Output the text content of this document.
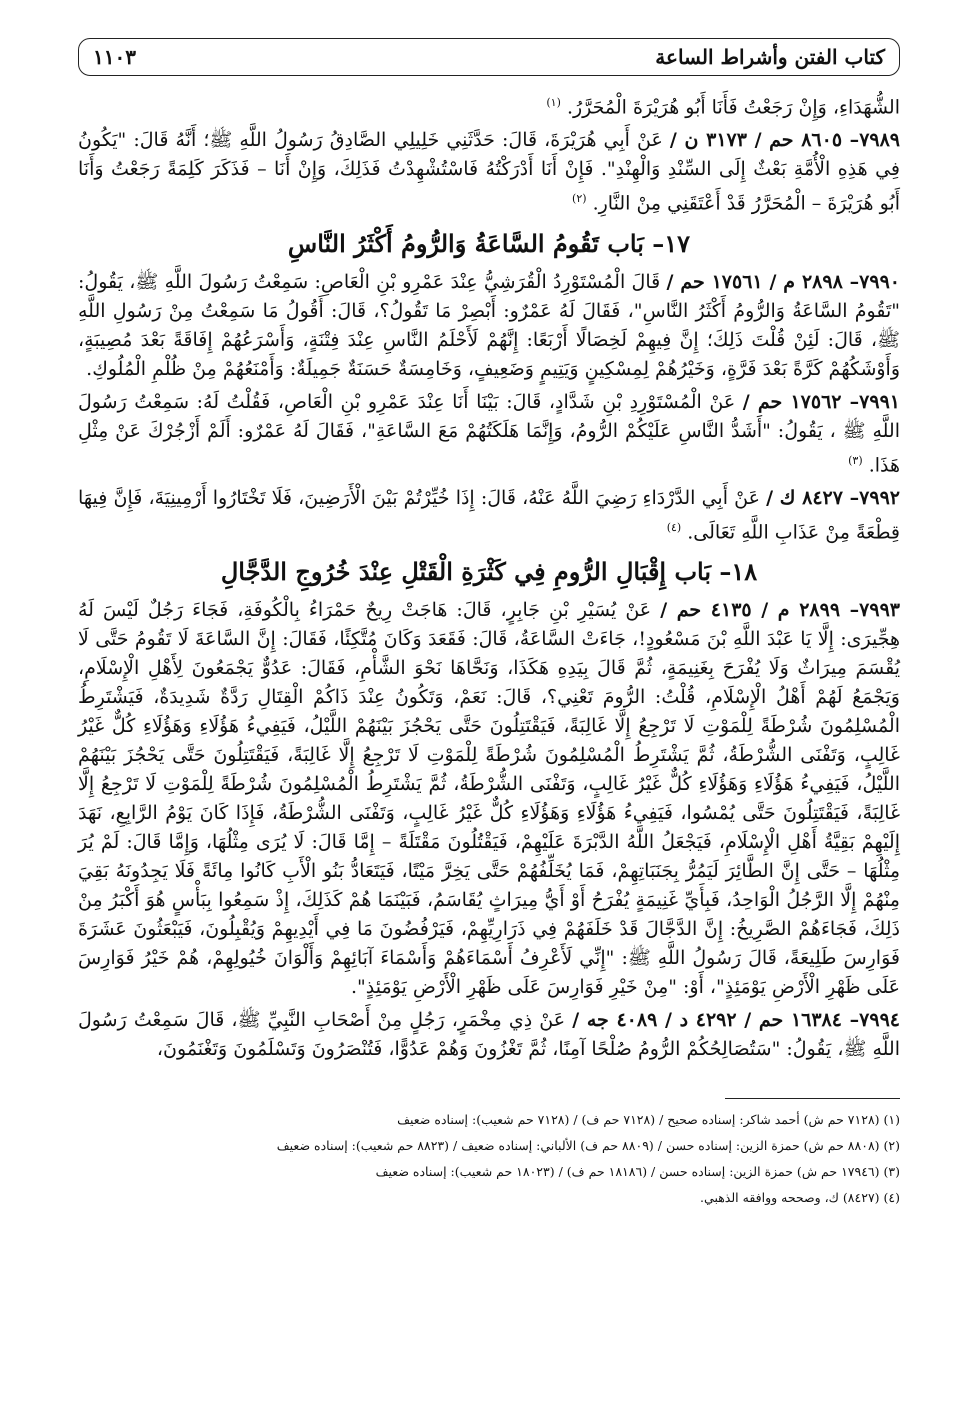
كتاب الفتن وأشراط الساعة
١١٠٣

الشُّهَدَاءِ، وَإِنْ رَجَعْتُ فَأَنَا أَبُو هُرَيْرَةَ الْمُحَرَّرُ. $^{(١)}$

٧٩٨٩– ٨٦٠٥ حم / ٣١٧٣ ن / عَنْ أَبِي هُرَيْرَةَ، قَالَ: حَدَّثَنِي خَلِيلِي الصَّادِقُ رَسُولُ اللَّهِ ﷺ؛ أَنَّهُ قَالَ: "يَكُونُ فِي هَذِهِ الْأُمَّةِ بَعْثٌ إِلَى السِّنْدِ وَالْهِنْدِ". فَإِنْ أَنَا أَدْرَكْتُهُ فَاسْتُشْهِدْتُ فَذَلِكَ، وَإِنْ أَنَا – فَذَكَرَ كَلِمَةً رَجَعْتُ وَأَنَا أَبُو هُرَيْرَةَ – الْمُحَرَّرُ قَدْ أَعْتَقَنِي مِنْ النَّارِ. $^{(٢)}$

١٧– بَاب تَقُومُ السَّاعَةُ وَالرُّومُ أَكْثَرُ النَّاسِ

٧٩٩٠– ٢٨٩٨ م / ١٧٥٦١ حم / قَالَ الْمُسْتَوْرِدُ الْقُرَشِيُّ عِنْدَ عَمْرِو بْنِ الْعَاصِ: سَمِعْتُ رَسُولَ اللَّهِ ﷺ، يَقُولُ: "تَقُومُ السَّاعَةُ وَالرُّومُ أَكْثَرُ النَّاسِ"، فَقَالَ لَهُ عَمْرٌو: أَبْصِرْ مَا تَقُولُ؟، قَالَ: أَقُولُ مَا سَمِعْتُ مِنْ رَسُولِ اللَّهِ ﷺ، قَالَ: لَئِنْ قُلْتَ ذَلِكَ؛ إِنَّ فِيهِمْ لَخِصَالًا أَرْبَعًا: إِنَّهُمْ لَأَحْلَمُ النَّاسِ عِنْدَ فِتْنَةٍ، وَأَسْرَعُهُمْ إِفَاقَةً بَعْدَ مُصِيبَةٍ، وَأَوْشَكُهُمْ كَرَّةً بَعْدَ فَرَّةٍ، وَخَيْرُهُمْ لِمِسْكِينٍ وَيَتِيمٍ وَضَعِيفٍ، وَخَامِسَةٌ حَسَنَةٌ جَمِيلَةٌ: وَأَمْنَعُهُمْ مِنْ ظُلْمِ الْمُلُوكِ.

٧٩٩١– ١٧٥٦٢ حم / عَنْ الْمُسْتَوْرِدِ بْنِ شَدَّادٍ، قَالَ: بَيْنَا أَنَا عِنْدَ عَمْرِو بْنِ الْعَاصِ، فَقُلْتُ لَهُ: سَمِعْتُ رَسُولَ اللَّهِ ﷺ ، يَقُولُ: "أَشَدُّ النَّاسِ عَلَيْكُمْ الرُّومُ، وَإِنَّمَا هَلَكَتُهُمْ مَعَ السَّاعَةِ"، فَقَالَ لَهُ عَمْرٌو: أَلَمْ أَزْجُرْكَ عَنْ مِثْلِ هَذَا. $^{(٣)}$

٧٩٩٢– ٨٤٢٧ ك / عَنْ أَبِي الدَّرْدَاءِ رَضِيَ اللَّهُ عَنْهُ، قَالَ: إِذَا خُيِّرْتُمْ بَيْنَ الْأَرَضِينَ، فَلَا تَخْتَارُوا أَرْمِينِيَةَ، فَإِنَّ فِيهَا قِطْعَةً مِنْ عَذَابِ اللَّهِ تَعَالَى. $^{(٤)}$

١٨– بَاب إِقْبَالِ الرُّومِ فِي كَثْرَةِ الْقَتْلِ عِنْدَ خُرُوجِ الدَّجَّالِ

٧٩٩٣– ٢٨٩٩ م / ٤١٣٥ حم / عَنْ يُسَيْرِ بْنِ جَابِرٍ، قَالَ: هَاجَتْ رِيحٌ حَمْرَاءُ بِالْكُوفَةِ، فَجَاءَ رَجُلٌ لَيْسَ لَهُ هِجِّيرَى: إِلَّا يَا عَبْدَ اللَّهِ بْنَ مَسْعُودٍ!، جَاءَتْ السَّاعَةُ، قَالَ: فَقَعَدَ وَكَانَ مُتَّكِئًا، فَقَالَ: إِنَّ السَّاعَةَ لَا تَقُومُ حَتَّى لَا يُقْسَمَ مِيرَاثٌ وَلَا يُفْرَحَ بِغَنِيمَةٍ، ثُمَّ قَالَ بِيَدِهِ هَكَذَا، وَنَحَّاهَا نَحْوَ الشَّأْمِ، فَقَالَ: عَدُوٌّ يَجْمَعُونَ لِأَهْلِ الْإِسْلَامِ، وَيَجْمَعُ لَهُمْ أَهْلُ الْإِسْلَامِ، قُلْتُ: الرُّومَ تَعْنِي؟، قَالَ: نَعَمْ، وَتَكُونُ عِنْدَ ذَاكُمْ الْقِتَالِ رَدَّةٌ شَدِيدَةٌ، فَيَشْتَرِطُ الْمُسْلِمُونَ شُرْطَةً لِلْمَوْتِ لَا تَرْجِعُ إِلَّا غَالِبَةً، فَيَقْتَتِلُونَ حَتَّى يَحْجُزَ بَيْنَهُمْ اللَّيْلُ، فَيَفِيءُ هَؤُلَاءِ وَهَؤُلَاءِ كُلٌّ غَيْرُ غَالِبٍ، وَتَفْنَى الشُّرْطَةُ، ثُمَّ يَشْتَرِطُ الْمُسْلِمُونَ شُرْطَةً لِلْمَوْتِ لَا تَرْجِعُ إِلَّا غَالِبَةً، فَيَقْتَتِلُونَ حَتَّى يَحْجُزَ بَيْنَهُمْ اللَّيْلُ، فَيَفِيءُ هَؤُلَاءِ وَهَؤُلَاءِ كُلٌّ غَيْرُ غَالِبٍ، وَتَفْنَى الشُّرْطَةُ، ثُمَّ يَشْتَرِطُ الْمُسْلِمُونَ شُرْطَةً لِلْمَوْتِ لَا تَرْجِعُ إِلَّا غَالِبَةً، فَيَقْتَتِلُونَ حَتَّى يُمْسُوا، فَيَفِيءُ هَؤُلَاءِ وَهَؤُلَاءِ كُلٌّ غَيْرُ غَالِبٍ، وَتَفْنَى الشُّرْطَةُ، فَإِذَا كَانَ يَوْمُ الرَّابِعِ، نَهَدَ إِلَيْهِمْ بَقِيَّةُ أَهْلِ الْإِسْلَامِ، فَيَجْعَلُ اللَّهُ الدَّبْرَةَ عَلَيْهِمْ، فَيَقْتُلُونَ مَقْتَلَةً – إِمَّا قَالَ: لَا يُرَى مِثْلُهَا، وَإِمَّا قَالَ: لَمْ يُرَ مِثْلُهَا – حَتَّى إِنَّ الطَّائِرَ لَيَمُرُّ بِجَنَبَاتِهِمْ، فَمَا يُخَلِّفُهُمْ حَتَّى يَخِرَّ مَيْتًا، فَيَتَعَادُّ بَنُو الْأَبِ كَانُوا مِائَةً فَلَا يَجِدُونَهُ بَقِيَ مِنْهُمْ إِلَّا الرَّجُلُ الْوَاحِدُ، فَبِأَيِّ غَنِيمَةٍ يُفْرَحُ أَوْ أَيُّ مِيرَاثٍ يُقَاسَمُ، فَبَيْنَمَا هُمْ كَذَلِكَ، إِذْ سَمِعُوا بِبَأْسٍ هُوَ أَكْبَرُ مِنْ ذَلِكَ، فَجَاءَهُمْ الصَّرِيخُ: إِنَّ الدَّجَّالَ قَدْ خَلَفَهُمْ فِي ذَرَارِيِّهِمْ، فَيَرْفُضُونَ مَا فِي أَيْدِيهِمْ وَيُقْبِلُونَ، فَيَبْعَثُونَ عَشَرَةَ فَوَارِسَ طَلِيعَةً، قَالَ رَسُولُ اللَّهِ ﷺ: "إِنِّي لَأَعْرِفُ أَسْمَاءَهُمْ وَأَسْمَاءَ آبَائِهِمْ وَأَلْوَانَ خُيُولِهِمْ، هُمْ خَيْرُ فَوَارِسَ عَلَى ظَهْرِ الْأَرْضِ يَوْمَئِذٍ"، أَوْ: "مِنْ خَيْرِ فَوَارِسَ عَلَى ظَهْرِ الْأَرْضِ يَوْمَئِذٍ".

٧٩٩٤– ١٦٣٨٤ حم / ٤٢٩٢ د / ٤٠٨٩ جه / عَنْ ذِي مِخْمَرٍ، رَجُلٍ مِنْ أَصْحَابِ النَّبِيِّ ﷺ، قَالَ سَمِعْتُ رَسُولَ اللَّهِ ﷺ، يَقُولُ: "سَتُصَالِحُكُمْ الرُّومُ صُلْحًا آمِنًا، ثُمَّ تَغْزُونَ وَهُمْ عَدُوًّا، فَتُنْصَرُونَ وَتَسْلَمُونَ وَتَغْنَمُونَ،

(١) (٧١٢٨ حم ش) أحمد شاكر: إسناده صحيح / (٧١٢٨ حم ف) / (٧١٢٨ حم شعيب): إسناده ضعيف

(٢) (٨٨٠٨ حم ش) حمزة الزين: إسناده حسن / (٨٨٠٩ حم ف) الألباني: إسناده ضعيف / (٨٨٢٣ حم شعيب): إسناده ضعيف

(٣) (١٧٩٤٦ حم ش) حمزة الزين: إسناده حسن / (١٨١٨٦ حم ف) / (١٨٠٢٣ حم شعيب): إسناده ضعيف

(٤) (٨٤٢٧) ك، وصححه ووافقه الذهبي.
